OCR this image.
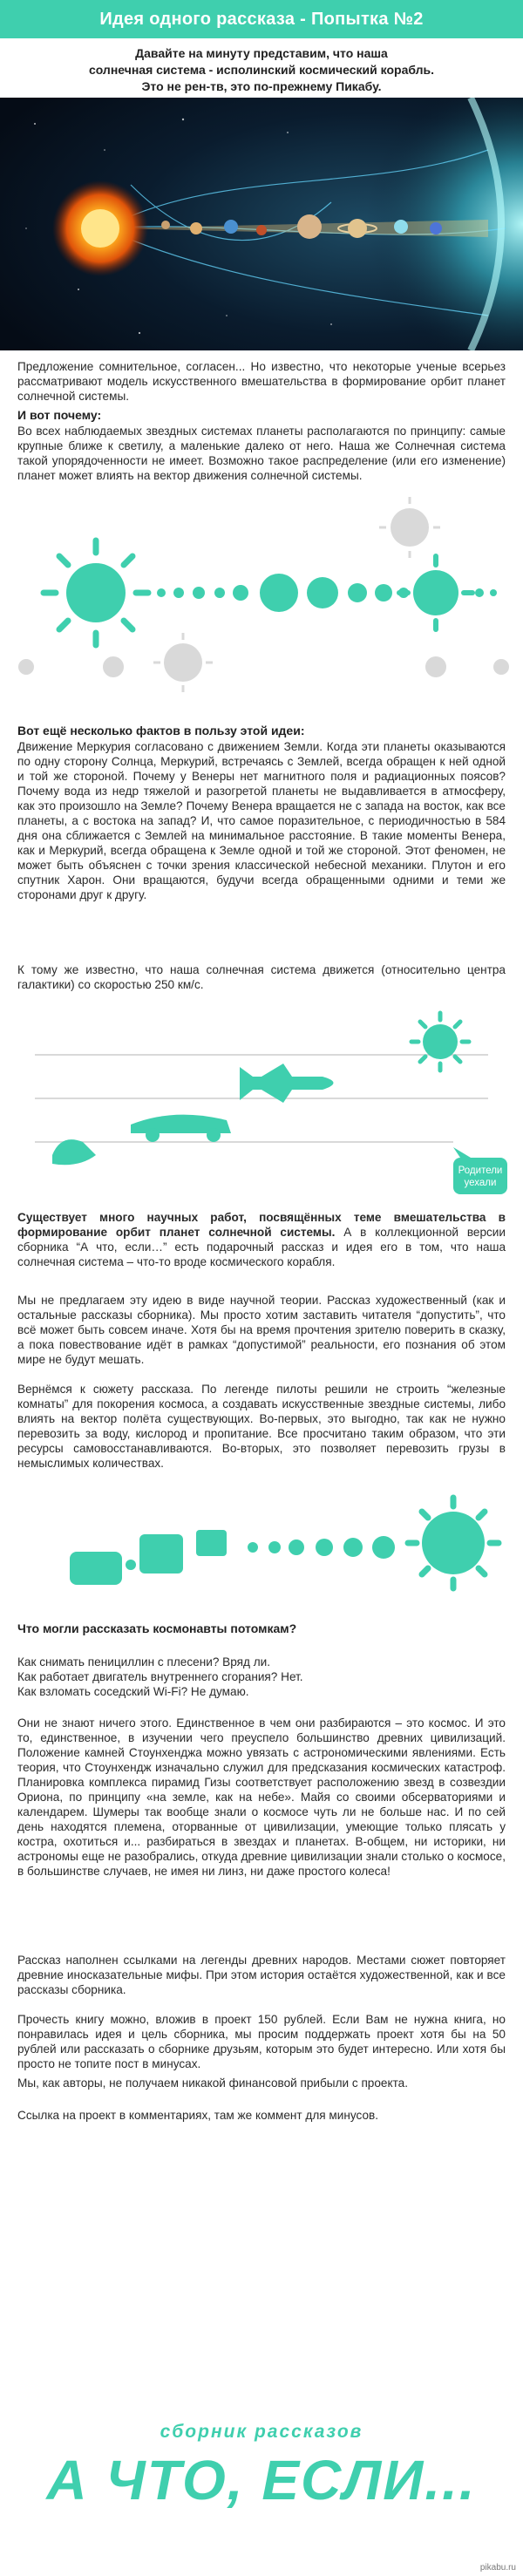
Идея одного рассказа - Попытка №2
Давайте на минуту представим, что наша
солнечная система - исполинский космический корабль.
Это не рен-тв, это по-прежнему Пикабу.
Предложение сомнительное, согласен... Но известно, что некоторые ученые всерьез рассматривают модель искусственного вмешательства в формирование орбит планет солнечной системы.
И вот почему:
Во всех наблюдаемых звездных системах планеты располагаются по принципу: самые крупные ближе к светилу, а маленькие далеко от него. Наша же Солнечная система такой упорядоченности не имеет. Возможно такое распределение (или его изменение) планет может влиять на вектор движения солнечной системы.
Вот ещё несколько фактов в пользу этой идеи:
Движение Меркурия согласовано с движением Земли. Когда эти планеты оказываются по одну сторону Солнца, Меркурий, встречаясь с Землей, всегда обращен к ней одной и той же стороной. Почему у Венеры нет магнитного поля и радиационных поясов? Почему вода из недр тяжелой и разогретой планеты не выдавливается в атмосферу, как это произошло на Земле? Почему Венера вращается не с запада на восток, как все планеты, а с востока на запад? И, что самое поразительное, с периодичностью в 584 дня она сближается с Землей на минимальное расстояние. В такие моменты Венера, как и Меркурий, всегда обращена к Земле одной и той же стороной. Этот феномен, не может быть объяснен с точки зрения классической небесной механики. Плутон и его спутник Харон. Они вращаются, будучи всегда обращенными одними и теми же сторонами друг к другу.
К тому же известно, что наша солнечная система движется (относительно центра галактики) со скоростью 250 км/с.
Родители уехали
Существует много научных работ, посвящённых теме вмешательства в формирование орбит планет солнечной системы. А в коллекционной версии сборника “А что, если…” есть подарочный рассказ и идея его в том, что наша солнечная система – что-то вроде космического корабля.
Мы не предлагаем эту идею в виде научной теории. Рассказ художественный (как и остальные рассказы сборника). Мы просто хотим заставить читателя “допустить”, что всё может быть совсем иначе. Хотя бы на время прочтения зрителю поверить в сказку, а пока повествование идёт в рамках “допустимой” реальности, его познания об этом мире не будут мешать.
Вернёмся к сюжету рассказа. По легенде пилоты решили не строить “железные комнаты” для покорения космоса, а создавать искусственные звездные системы, либо влиять на вектор полёта существующих. Во-первых, это выгодно, так как не нужно перевозить за воду, кислород и пропитание. Все просчитано таким образом, что эти ресурсы самовосстанавливаются. Во-вторых, это позволяет перевозить грузы в немыслимых количествах.
Что могли рассказать космонавты потомкам?
Как снимать пенициллин с плесени? Вряд ли.
Как работает двигатель внутреннего сгорания? Нет.
Как взломать соседский Wi-Fi? Не думаю.
Они не знают ничего этого. Единственное в чем они разбираются – это космос. И это то, единственное, в изучении чего преуспело большинство древних цивилизаций. Положение камней Стоунхенджа можно увязать с астрономическими явлениями. Есть теория, что Стоунхендж изначально служил для предсказания космических катастроф. Планировка комплекса пирамид Гизы соответствует расположению звезд в созвездии Ориона, по принципу «на земле, как на небе». Майя со своими обсерваториями и календарем. Шумеры так вообще знали о космосе чуть ли не больше нас. И по сей день находятся племена, оторванные от цивилизации, умеющие только плясать у костра, охотиться и... разбираться в звездах и планетах. В-общем, ни историки, ни астрономы еще не разобрались, откуда древние цивилизации знали столько о космосе, в большинстве случаев, не имея ни линз, ни даже простого колеса!
Рассказ наполнен ссылками на легенды древних народов. Местами сюжет повторяет древние иносказательные мифы. При этом история остаётся художественной, как и все рассказы сборника.
Прочесть книгу можно, вложив в проект 150 рублей. Если Вам не нужна книга, но понравилась идея и цель сборника, мы просим поддержать проект хотя бы на 50 рублей или рассказать о сборнике друзьям, которым это будет интересно. Или хотя бы просто не топите пост в минусах.
Мы, как авторы, не получаем никакой финансовой прибыли с проекта.
Ссылка на проект в комментариях, там же коммент для минусов.
сборник рассказов
А ЧТО, ЕСЛИ...
pikabu.ru
